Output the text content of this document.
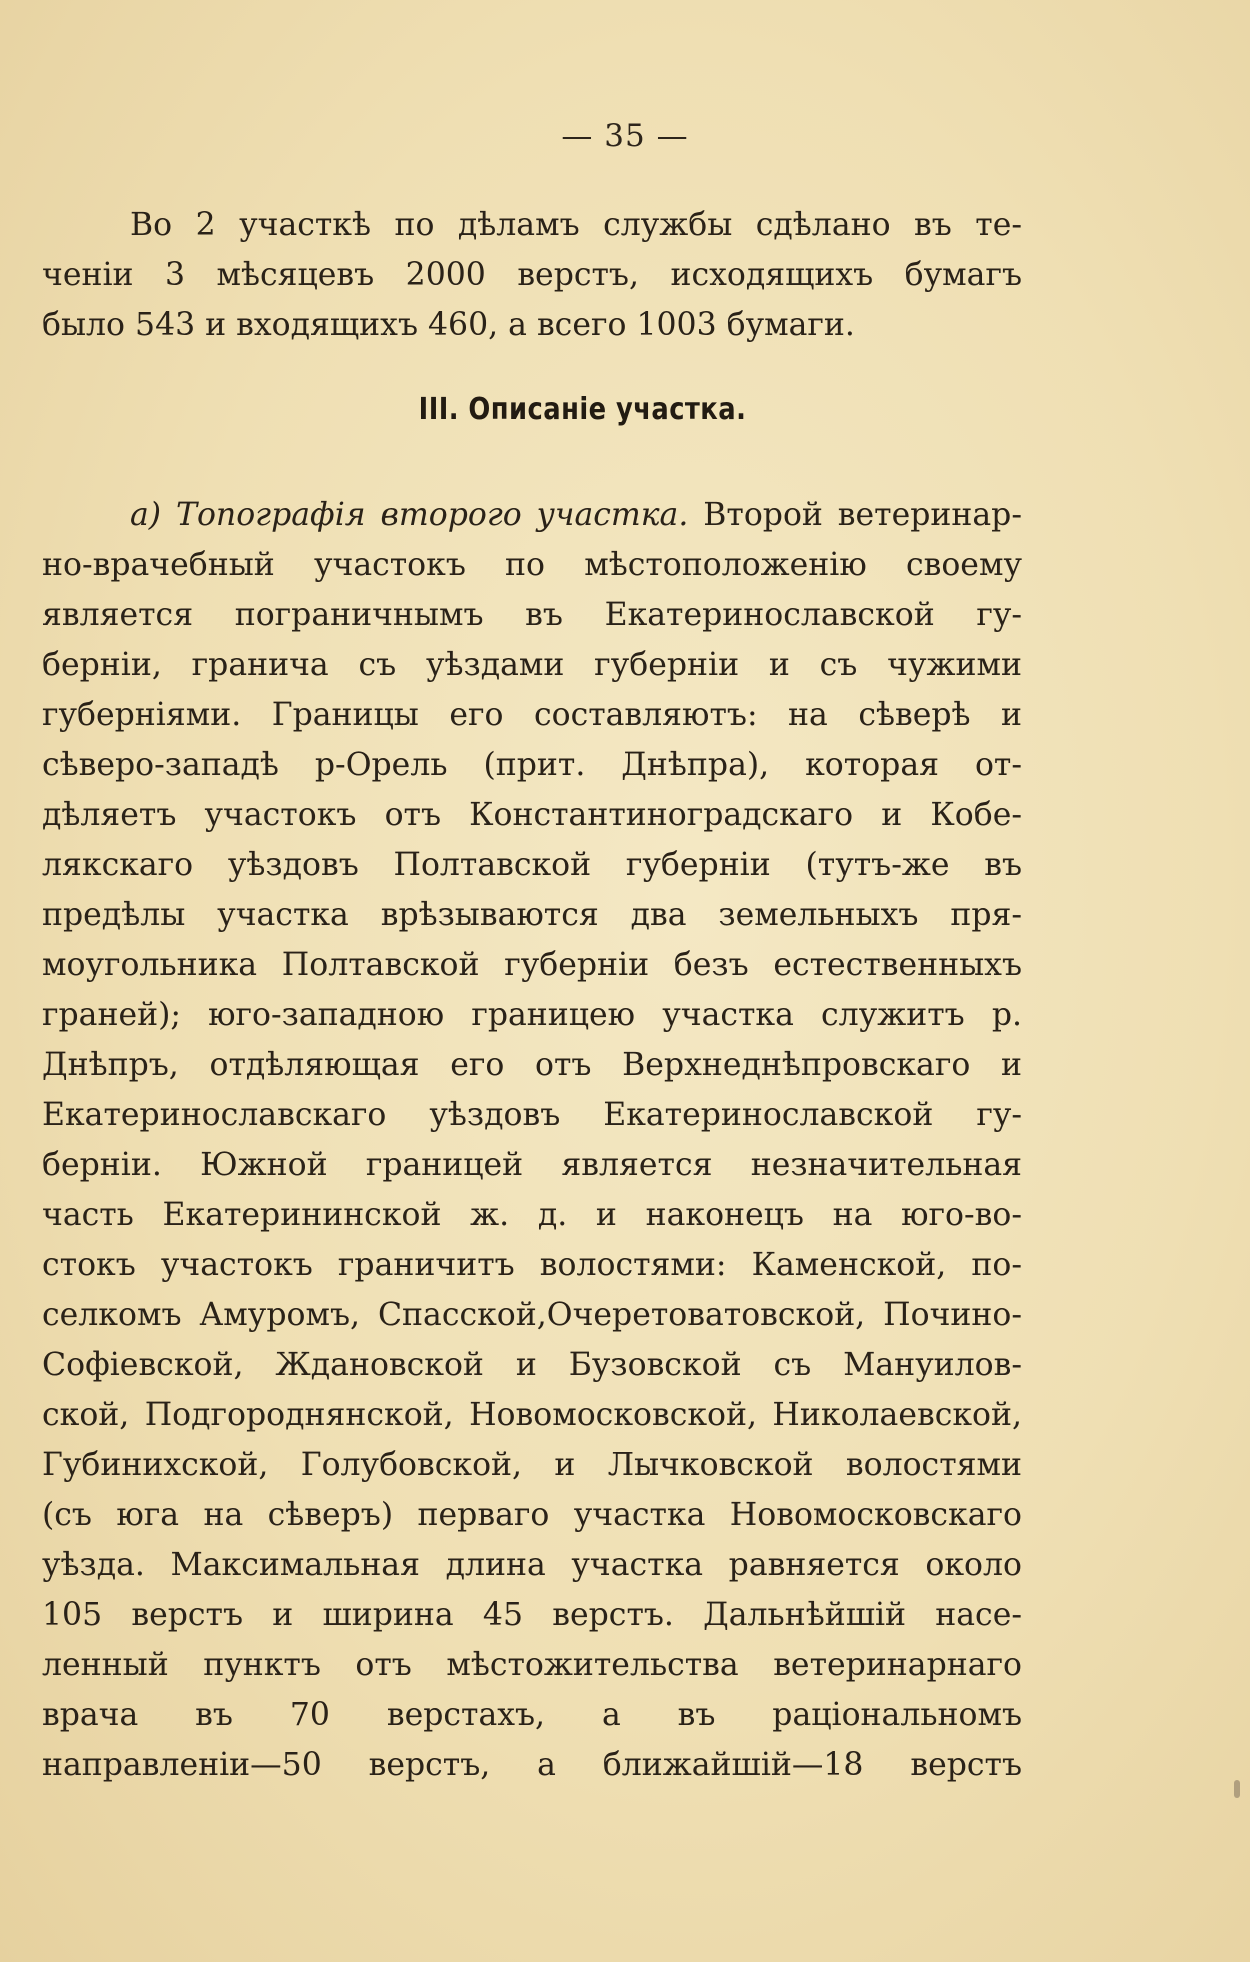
— 35 —
Во 2 участкѣ по дѣламъ службы сдѣлано въ те-
ченіи 3 мѣсяцевъ 2000 верстъ, исходящихъ бумагъ
было 543 и входящихъ 460, а всего 1003 бумаги.
III. Описаніе участка.
а) Топографія второго участка. Второй ветеринар-
но-врачебный участокъ по мѣстоположенію своему
является пограничнымъ въ Екатеринославской гу-
берніи, гранича съ уѣздами губерніи и съ чужими
губерніями. Границы его составляютъ: на сѣверѣ и
сѣверо-западѣ р-Орель (прит. Днѣпра), которая от-
дѣляетъ участокъ отъ Константиноградскаго и Кобе-
лякскаго уѣздовъ Полтавской губерніи (тутъ-же въ
предѣлы участка врѣзываются два земельныхъ пря-
моугольника Полтавской губерніи безъ естественныхъ
граней); юго-западною границею участка служитъ р.
Днѣпръ, отдѣляющая его отъ Верхнеднѣпровскаго и
Екатеринославскаго уѣздовъ Екатеринославской гу-
берніи. Южной границей является незначительная
часть Екатерининской ж. д. и наконецъ на юго-во-
стокъ участокъ граничитъ волостями: Каменской, по-
селкомъ Амуромъ, Спасской,Очеретоватовской, Почино-
Софіевской, Ждановской и Бузовской съ Мануилов-
ской, Подгороднянской, Новомосковской, Николаевской,
Губинихской, Голубовской, и Лычковской волостями
(съ юга на сѣверъ) перваго участка Новомосковскаго
уѣзда. Максимальная длина участка равняется около
105 верстъ и ширина 45 верстъ. Дальнѣйшій насе-
ленный пунктъ отъ мѣстожительства ветеринарнаго
врача въ 70 верстахъ, а въ раціональномъ
направленіи—50 верстъ, а ближайшій—18 верстъ
